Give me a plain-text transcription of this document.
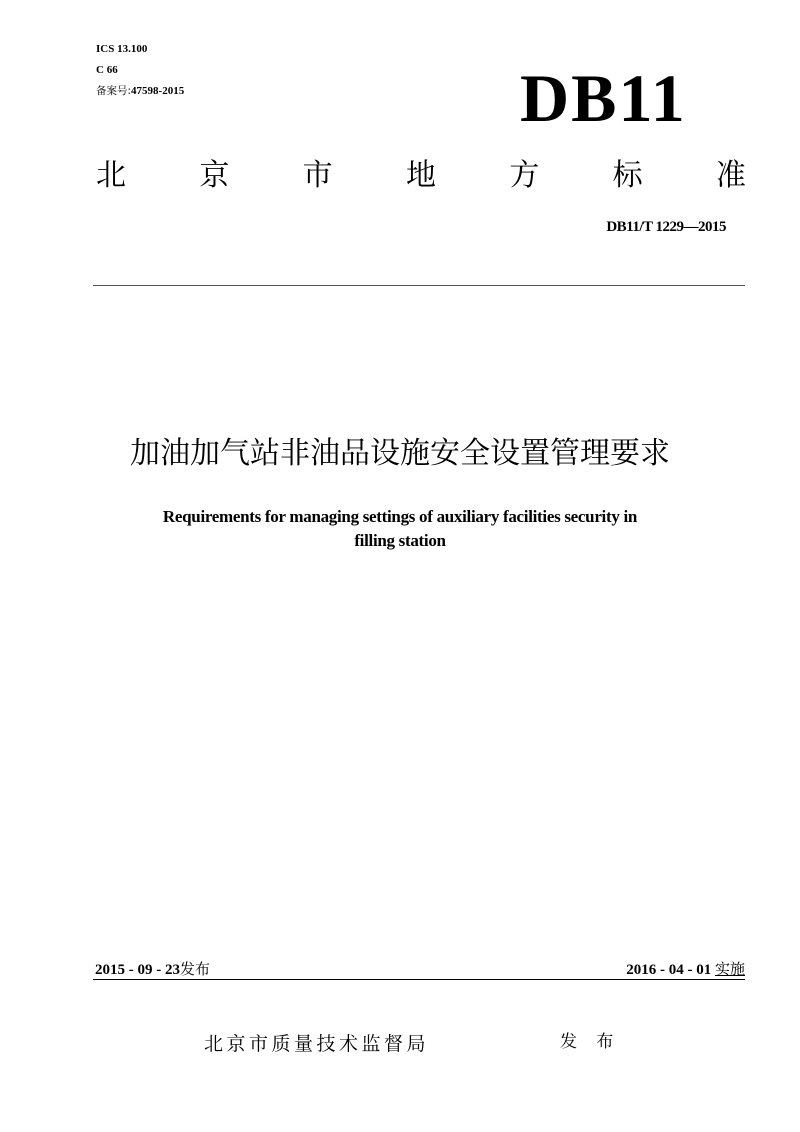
ICS 13.100
C 66
备案号:47598-2015	DB11
北 京 市 地 方 标 准
DB11/T 1229—2015
加油加气站非油品设施安全设置管理要求
Requirements for managing settings of auxiliary facilities security in
filling station
2015 - 09 - 23发布	2016 - 04 - 01 实施
北京市质量技术监督局	发 布
